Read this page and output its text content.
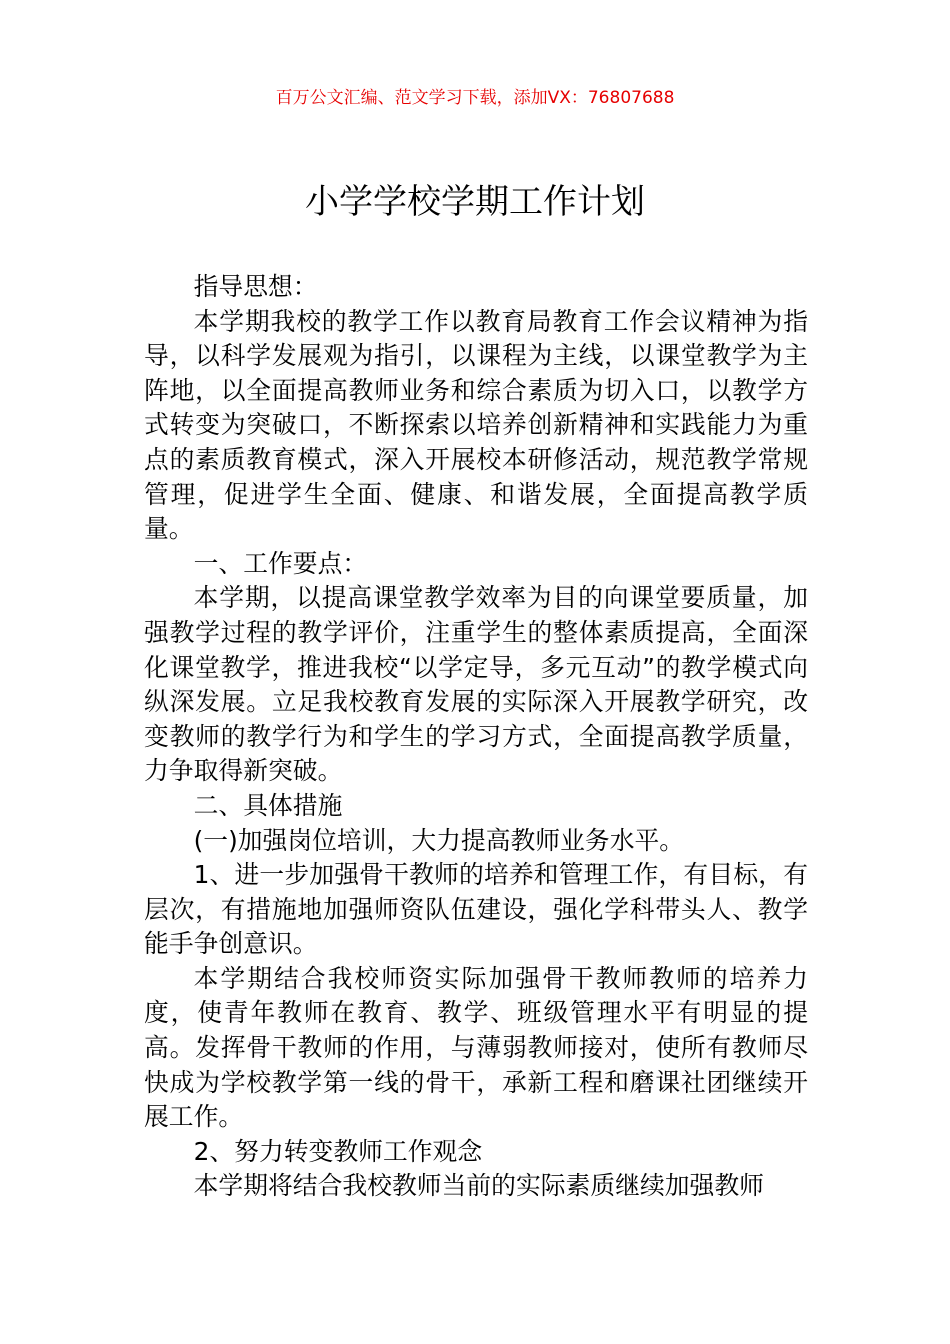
百万公文汇编、范文学习下载，添加VX：76807688
小学学校学期工作计划

指导思想：

本学期我校的教学工作以教育局教育工作会议精神为指导，以科学发展观为指引，以课程为主线，以课堂教学为主阵地，以全面提高教师业务和综合素质为切入口，以教学方式转变为突破口，不断探索以培养创新精神和实践能力为重点的素质教育模式，深入开展校本研修活动，规范教学常规管理，促进学生全面、健康、和谐发展，全面提高教学质量。

一、工作要点：

本学期，以提高课堂教学效率为目的向课堂要质量，加强教学过程的教学评价，注重学生的整体素质提高，全面深化课堂教学，推进我校“以学定导，多元互动”的教学模式向纵深发展。立足我校教育发展的实际深入开展教学研究，改变教师的教学行为和学生的学习方式，全面提高教学质量，力争取得新突破。

二、具体措施

(一)加强岗位培训，大力提高教师业务水平。

1、进一步加强骨干教师的培养和管理工作，有目标，有层次，有措施地加强师资队伍建设，强化学科带头人、教学能手争创意识。

本学期结合我校师资实际加强骨干教师教师的培养力度，使青年教师在教育、教学、班级管理水平有明显的提高。发挥骨干教师的作用，与薄弱教师接对，使所有教师尽快成为学校教学第一线的骨干，承新工程和磨课社团继续开展工作。

2、努力转变教师工作观念

本学期将结合我校教师当前的实际素质继续加强教师
